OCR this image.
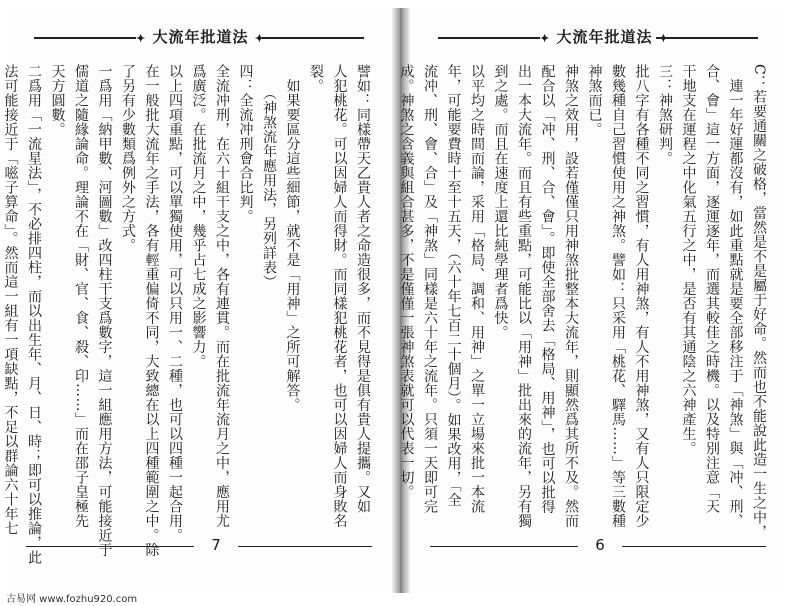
✦ 大流年批道法 ✦

譬如：同樣帶天乙貴人者之命造很多，而不見得是俱有貴人提攜。又如

人犯桃花。可以因婦人而得財。而同樣犯桃花者，也可以因婦人而身敗名

裂。

　如果要區分這些細節，就不是「用神」之所可解答。

　　（神煞流年應用法，另列詳表）

四：全流冲刑會合比判。

全流冲刑，在六十組干支之中，各有連貫。而在批流年流月之中，應用尤

爲廣泛。在批流月之中，幾乎占七成之影響力。

以上四項重點，可以單獨使用，可以只用一、二種，也可以四種一起合用。

在一般批大流年之手法，各有輕重偏倚不同，大致總在以上四種範圍之中。除

了另有少數類爲例外之方式。

一爲用「納甲數、河圖數」改四柱干支爲數字，這一組應用方法，可能接近于

儒道之隨緣論命。理論不在「財、官、食、殺、印……」而在邵子皇極先

天方圓數。

二爲用「一流星法」，不必排四柱，而以出生年、月、日、時；即可以推論，此

法可能接近于「嗞子算命」。然而這一組有一項缺點，不足以群論六十年七

7
✦ 大流年批道法 ✦

C：若要通關之破格，當然是不是屬于好命。然而也不能說此造一生之中，

　連一年好運都沒有，如此重點就是要全部移注于「神煞」與「冲、刑、

合、會」這一方面，逐運逐年，而選其較佳之時機。以及特別注意「天

干地支在運程之中化氣五行之中，是否有其通陰之六神產生。

三：神煞研判。

批八字有各種不同之習慣，有人用神煞，有人不用神煞，又有人只限定少

數幾種自己習慣使用之神煞。譬如：只采用「桃花、驛馬……」等三數種

神煞而已。

神煞之效用，設若僅僅只用神煞批整本大流年，則顯然爲其所不及。然而

配合以「冲、刑、合、會」。即使全部舍去「格局、用神」，也可以批得

出一本大流年。而且有些重點，可能比以「用神」批出來的流年，另有獨

到之處。而且在速度上還比純學理者爲快。

以平均之時間而論，采用「格局、調和、用神」之單一立場來批一本流

年，可能要費時十至十五天，（六十年七百二十個月）。如果改用，「全

流冲、刑、會、合」及「神煞」同樣是六十年之流年。只須一天即可完

成。神煞之含義與組合甚多，不是僅僅一張神煞表就可以代表一切。

6
古易网 www.fozhu920.com
